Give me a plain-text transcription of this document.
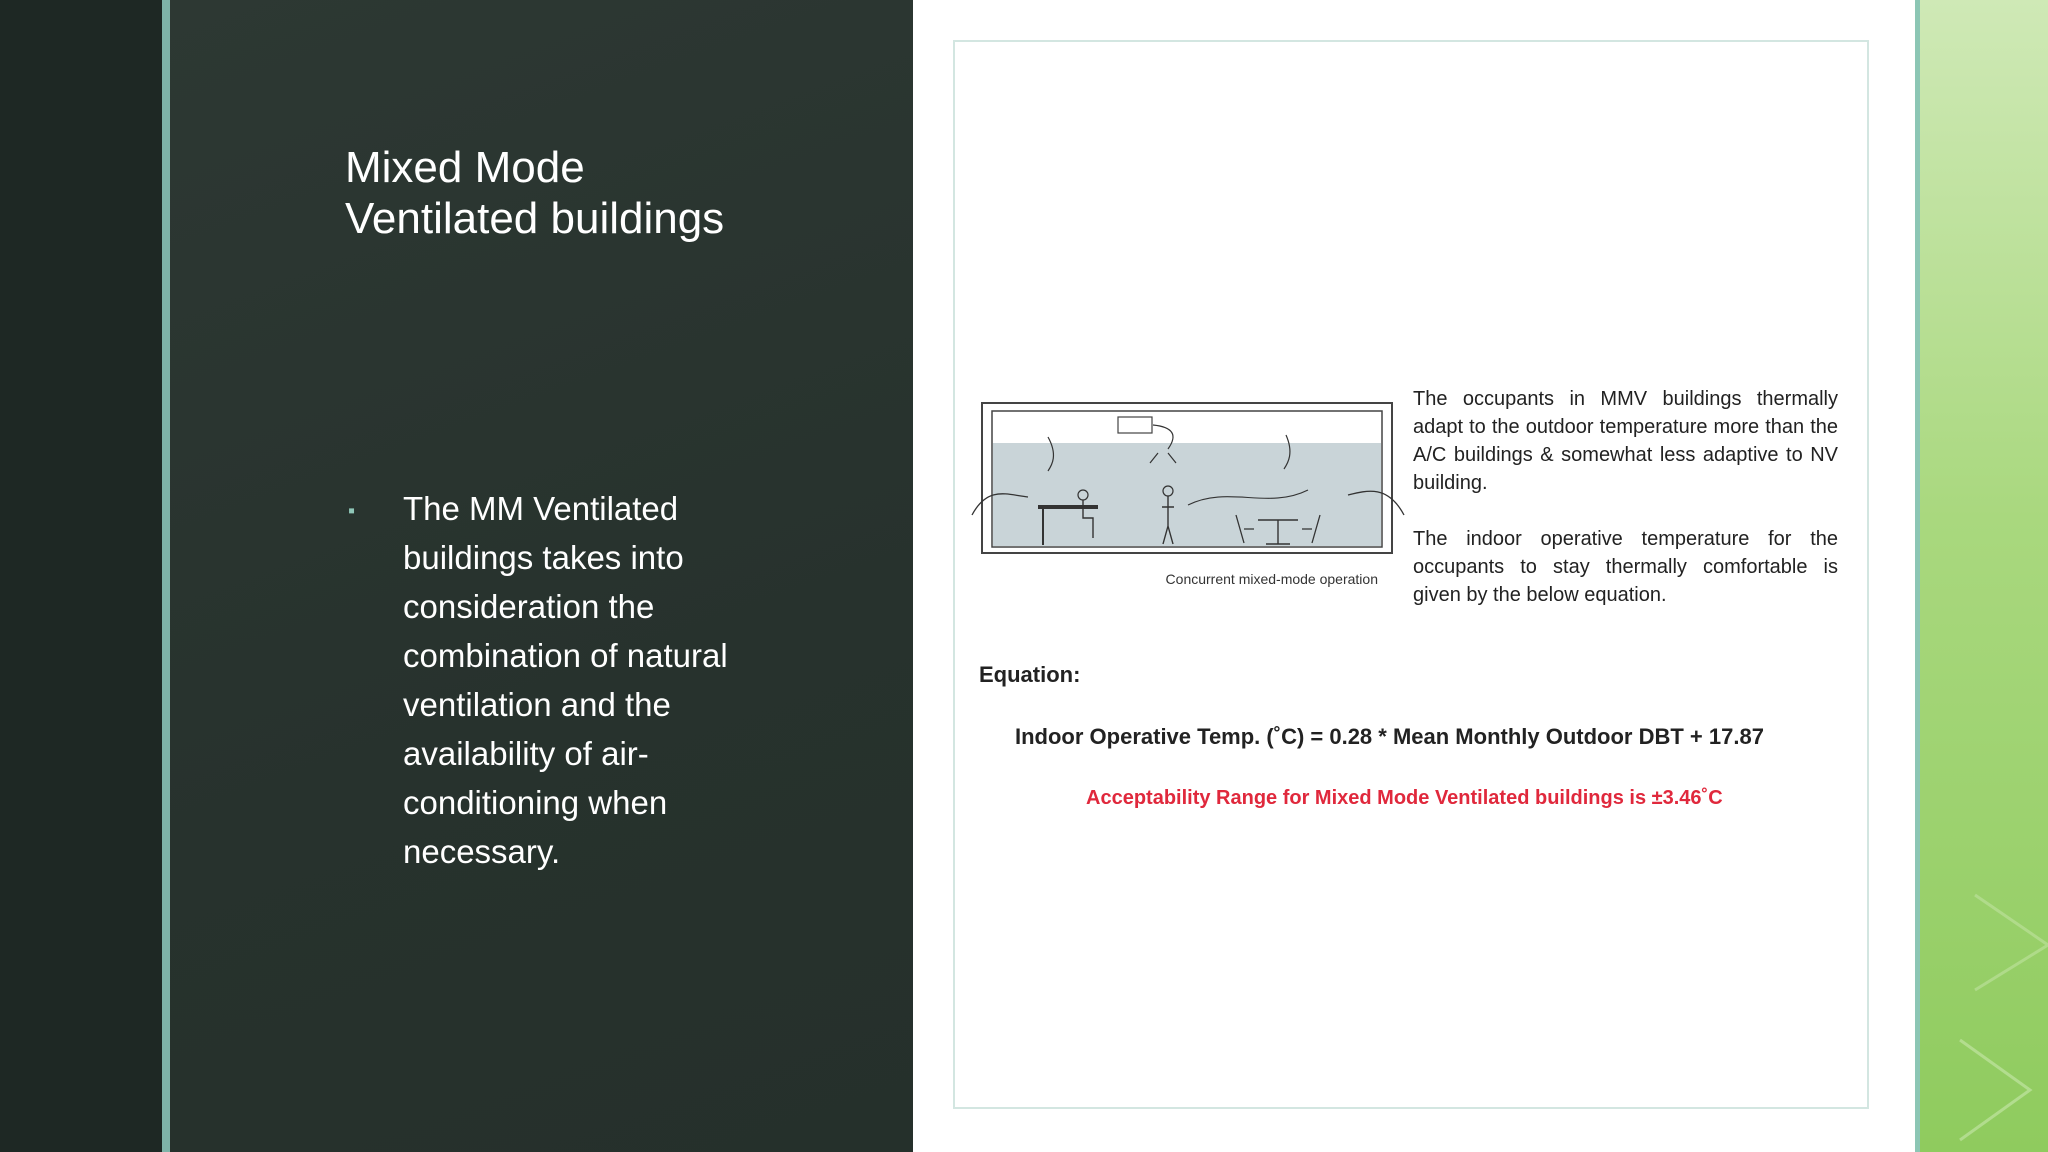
Mixed Mode
Ventilated buildings
▪ The MM Ventilated buildings takes into consideration the combination of natural ventilation and the availability of air-conditioning when necessary.
Concurrent mixed-mode operation
The occupants in MMV buildings thermally adapt to the outdoor temperature more than the A/C buildings & somewhat less adaptive to NV building.
The indoor operative temperature for the occupants to stay thermally comfortable is given by the below equation.
Equation:
Indoor Operative Temp. (˚C) = 0.28 * Mean Monthly Outdoor DBT + 17.87
Acceptability Range for Mixed Mode Ventilated buildings is ±3.46˚C
